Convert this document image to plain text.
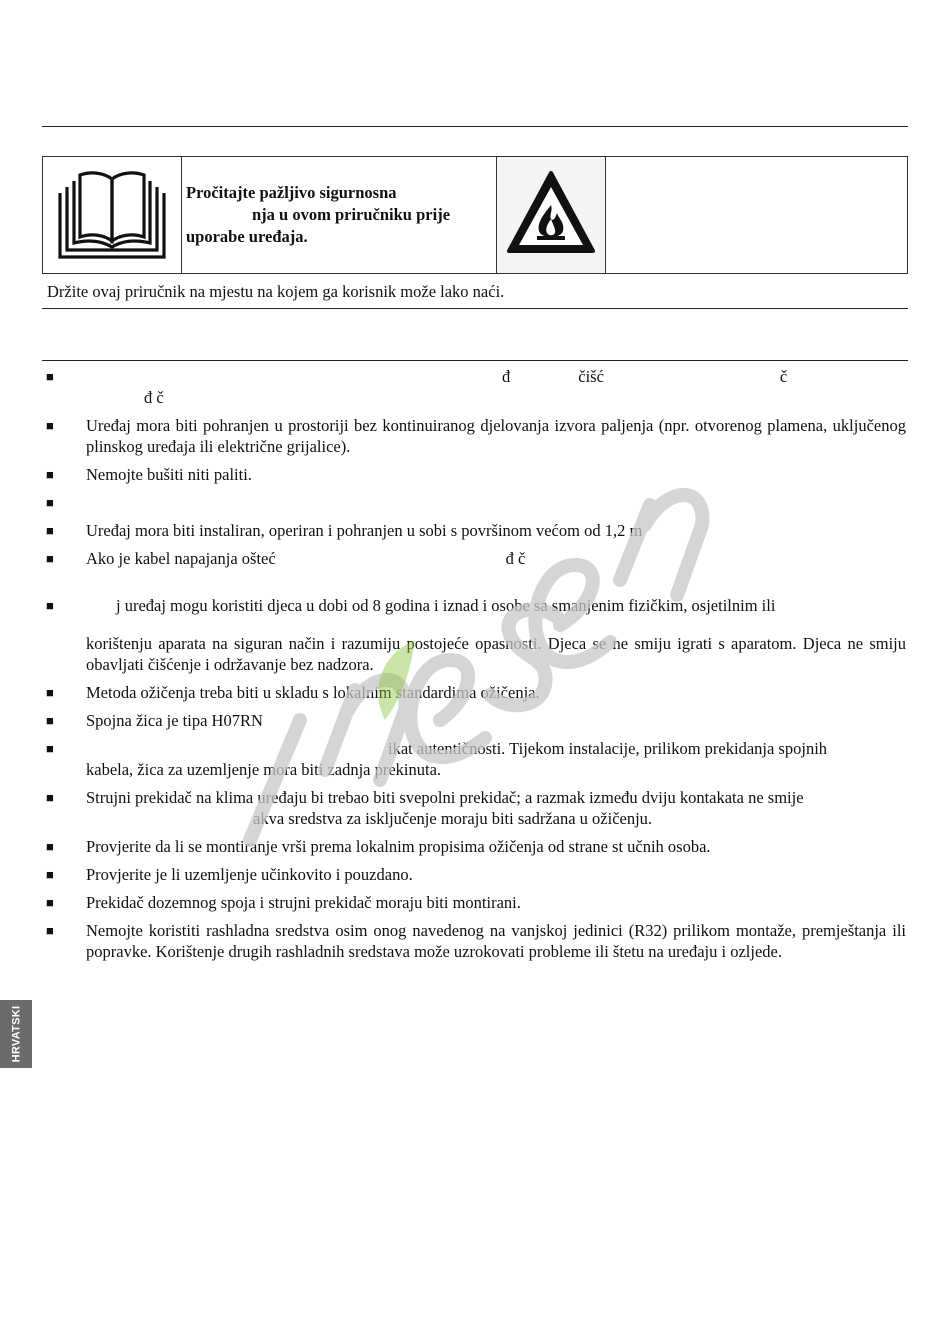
Pročitajte pažljivo sigurnosna
nja u ovom priručniku prije
uporabe uređaja.

Držite ovaj priručnik na mjestu na kojem ga korisnik može lako naći.
■	đ	čišć	č
đ č
■	Uređaj mora biti pohranjen u prostoriji bez kontinuiranog djelovanja izvora paljenja (npr. otvorenog plamena, uključenog plinskog uređaja ili električne grijalice).
■	Nemojte bušiti niti paliti.
■
■	Uređaj mora biti instaliran, operiran i pohranjen u sobi s površinom većom od 1,2 m
■	Ako je kabel napajanja ošteć	đ č
■	j uređaj mogu koristiti djeca u dobi od 8 godina i iznad i osobe sa smanjenim fizičkim, osjetilnim ili
korištenju aparata na siguran način i razumiju postojeće opasnosti. Djeca se ne smiju igrati s aparatom. Djeca ne smiju obavljati čišćenje i održavanje bez nadzora.
■	Metoda ožičenja treba biti u skladu s lokalnim standardima ožičenja.
■	Spojna žica je tipa H07RN
■	ikat autentičnosti. Tijekom instalacije, prilikom prekidanja spojnih
kabela, žica za uzemljenje mora biti zadnja prekinuta.
■	Strujni prekidač na klima uređaju bi trebao biti svepolni prekidač; a razmak između dviju kontakata ne smije
akva sredstva za isključenje moraju biti sadržana u ožičenju.
■	Provjerite da li se montiranje vrši prema lokalnim propisima ožičenja od strane st učnih osoba.
■	Provjerite je li uzemljenje učinkovito i pouzdano.
■	Prekidač dozemnog spoja i strujni prekidač moraju biti montirani.
■	Nemojte koristiti rashladna sredstva osim onog navedenog na vanjskoj jedinici (R32) prilikom montaže, premještanja ili popravke. Korištenje drugih rashladnih sredstava može uzrokovati probleme ili štetu na uređaju i ozljede.
HRVATSKI
